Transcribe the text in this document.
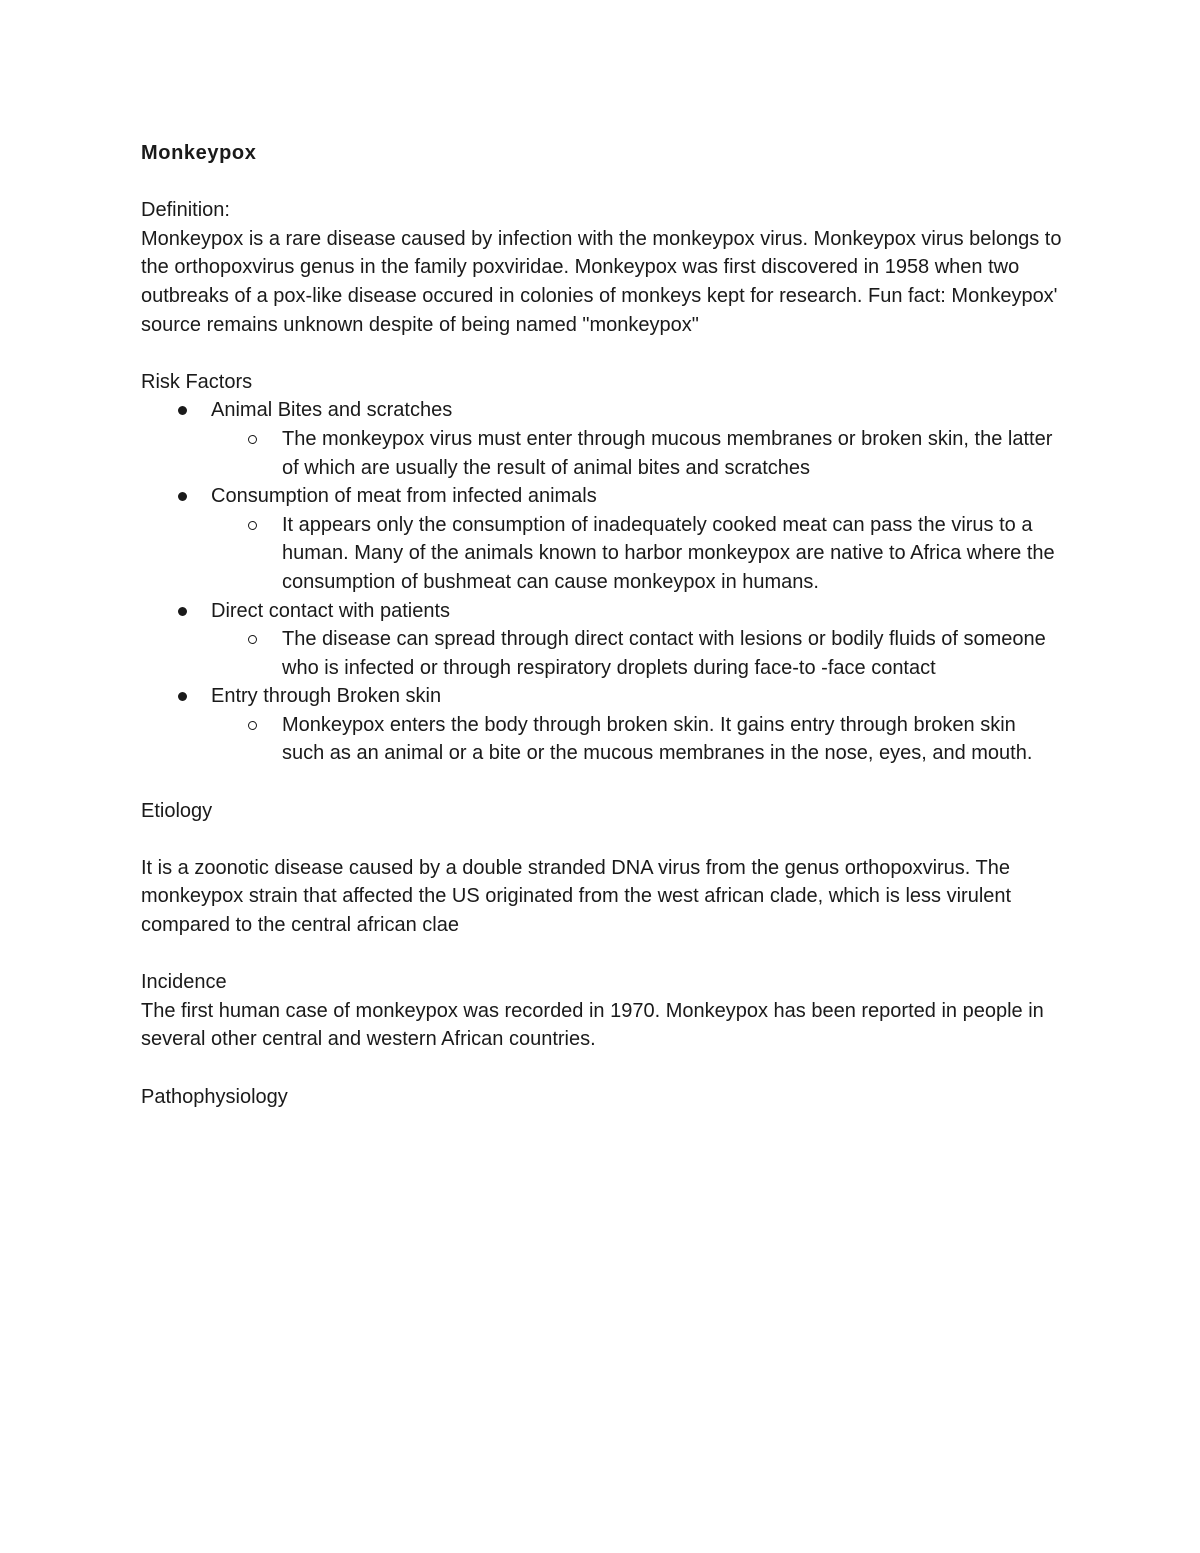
Monkeypox

Definition:

Monkeypox is a rare disease caused by infection with the monkeypox virus. Monkeypox virus belongs to the orthopoxvirus genus in the family poxviridae. Monkeypox was first discovered in 1958 when two outbreaks of a pox-like disease occured in colonies of monkeys kept for research. Fun fact: Monkeypox' source remains unknown despite of being named "monkeypox"

Risk Factors

Animal Bites and scratches
The monkeypox virus must enter through mucous membranes or broken skin, the latter of which are usually the result of animal bites and scratches
Consumption of meat from infected animals
It appears only the consumption of inadequately cooked meat can pass the virus to a human. Many of the animals known to harbor monkeypox are native to Africa where the consumption of bushmeat can cause monkeypox in humans.
Direct contact with patients
The disease can spread through direct contact with lesions or bodily fluids of someone who is infected or through respiratory droplets during face-to -face contact
Entry through Broken skin
Monkeypox enters the body through broken skin. It gains entry through broken skin such as an animal or a bite or the mucous membranes in the nose, eyes, and mouth.

Etiology

It is a zoonotic disease caused by a double stranded DNA virus from the genus orthopoxvirus. The monkeypox strain that affected the US originated from the west african clade, which is less virulent compared to the central african clae

Incidence

The first human case of monkeypox was recorded in 1970. Monkeypox has been reported in people in several other central and western African countries.

Pathophysiology
